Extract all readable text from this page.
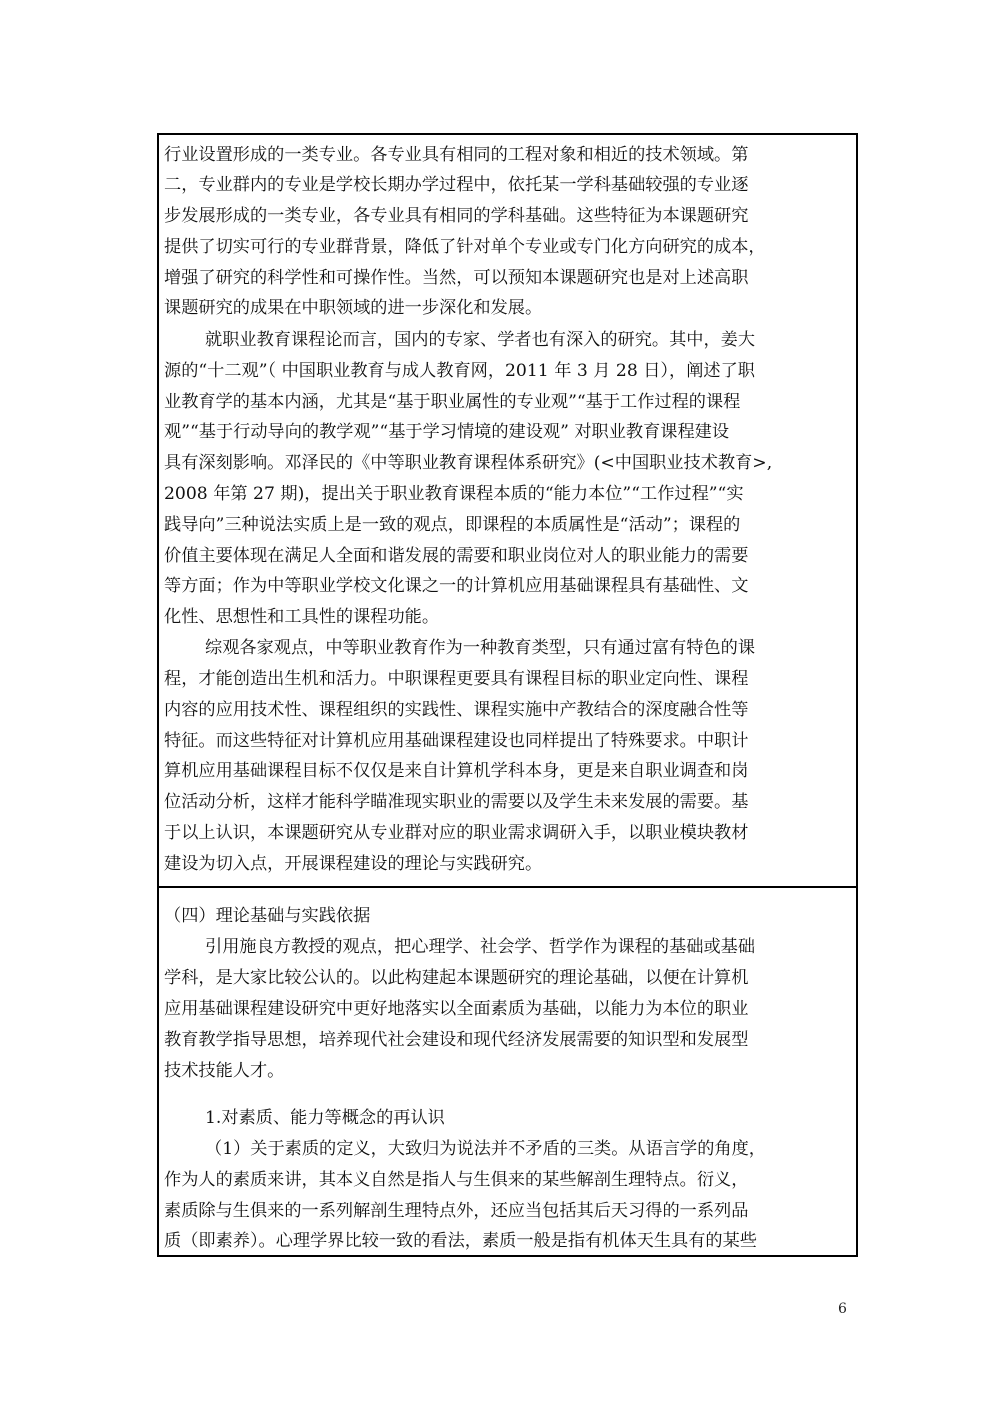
行业设置形成的一类专业。各专业具有相同的工程对象和相近的技术领域。第
二，专业群内的专业是学校长期办学过程中，依托某一学科基础较强的专业逐
步发展形成的一类专业，各专业具有相同的学科基础。这些特征为本课题研究
提供了切实可行的专业群背景，降低了针对单个专业或专门化方向研究的成本，
增强了研究的科学性和可操作性。当然，可以预知本课题研究也是对上述高职
课题研究的成果在中职领域的进一步深化和发展。
就职业教育课程论而言，国内的专家、学者也有深入的研究。其中，姜大
源的“十二观”（ 中国职业教育与成人教育网，2011 年 3 月 28 日），阐述了职
业教育学的基本内涵，尤其是“基于职业属性的专业观”“基于工作过程的课程
观”“基于行动导向的教学观”“基于学习情境的建设观” 对职业教育课程建设
具有深刻影响。邓泽民的《中等职业教育课程体系研究》(<中国职业技术教育>,
2008 年第 27 期)，提出关于职业教育课程本质的“能力本位”“工作过程”“实
践导向”三种说法实质上是一致的观点，即课程的本质属性是“活动”；课程的
价值主要体现在满足人全面和谐发展的需要和职业岗位对人的职业能力的需要
等方面；作为中等职业学校文化课之一的计算机应用基础课程具有基础性、文
化性、思想性和工具性的课程功能。
综观各家观点，中等职业教育作为一种教育类型，只有通过富有特色的课
程，才能创造出生机和活力。中职课程更要具有课程目标的职业定向性、课程
内容的应用技术性、课程组织的实践性、课程实施中产教结合的深度融合性等
特征。而这些特征对计算机应用基础课程建设也同样提出了特殊要求。中职计
算机应用基础课程目标不仅仅是来自计算机学科本身，更是来自职业调查和岗
位活动分析，这样才能科学瞄准现实职业的需要以及学生未来发展的需要。基
于以上认识，本课题研究从专业群对应的职业需求调研入手，以职业模块教材
建设为切入点，开展课程建设的理论与实践研究。
（四）理论基础与实践依据
引用施良方教授的观点，把心理学、社会学、哲学作为课程的基础或基础
学科，是大家比较公认的。以此构建起本课题研究的理论基础，以便在计算机
应用基础课程建设研究中更好地落实以全面素质为基础，以能力为本位的职业
教育教学指导思想，培养现代社会建设和现代经济发展需要的知识型和发展型
技术技能人才。
1.对素质、能力等概念的再认识
（1）关于素质的定义，大致归为说法并不矛盾的三类。从语言学的角度，
作为人的素质来讲，其本义自然是指人与生俱来的某些解剖生理特点。衍义，
素质除与生俱来的一系列解剖生理特点外，还应当包括其后天习得的一系列品
质（即素养）。心理学界比较一致的看法，素质一般是指有机体天生具有的某些
6
